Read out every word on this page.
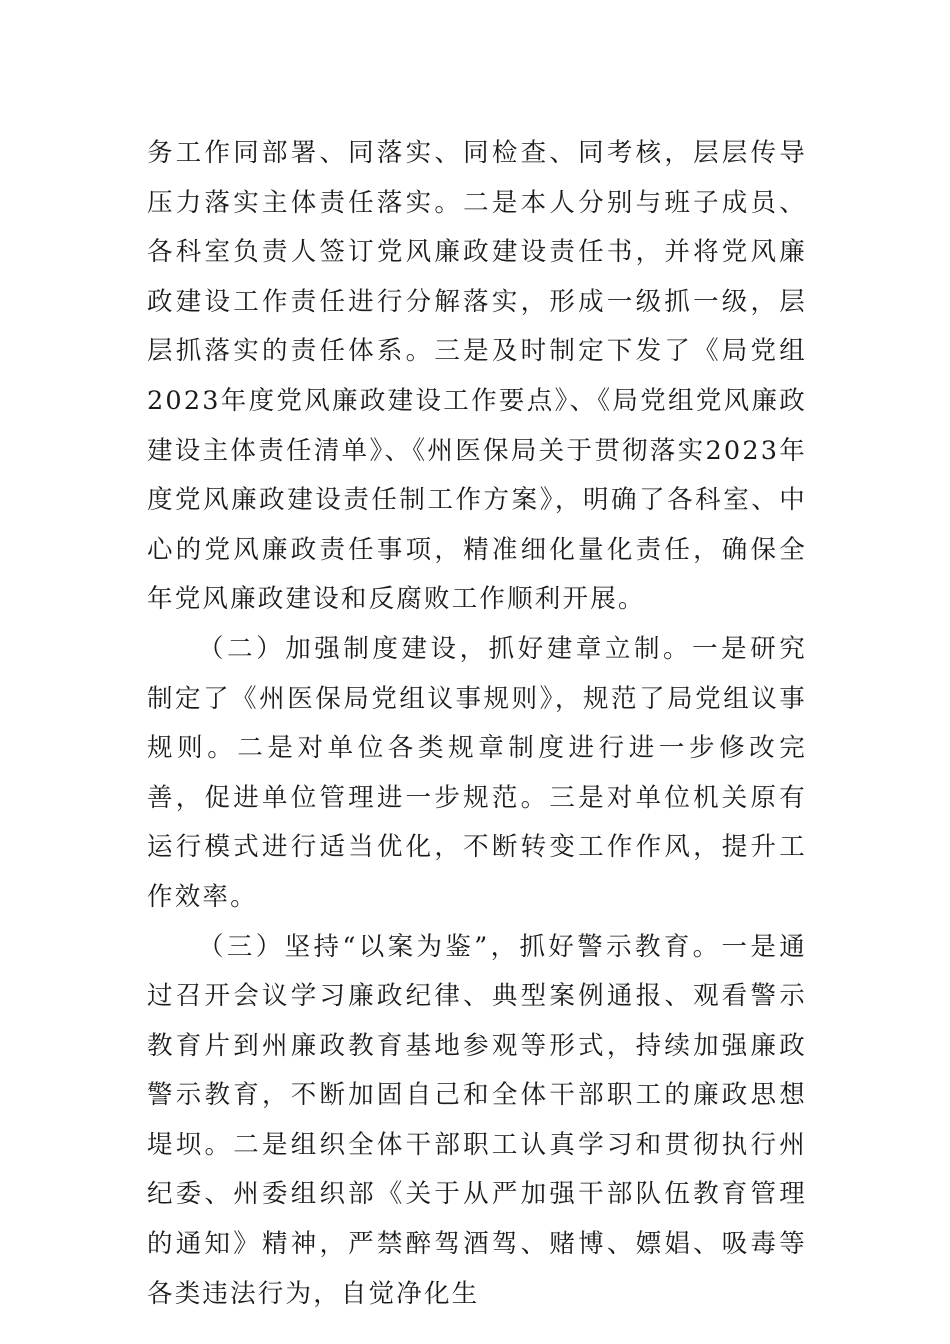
务工作同部署、同落实、同检查、同考核，层层传导压力落实主体责任落实。二是本人分别与班子成员、各科室负责人签订党风廉政建设责任书，并将党风廉政建设工作责任进行分解落实，形成一级抓一级，层层抓落实的责任体系。三是及时制定下发了《局党组2023年度党风廉政建设工作要点》、《局党组党风廉政建设主体责任清单》、《州医保局关于贯彻落实2023年度党风廉政建设责任制工作方案》，明确了各科室、中心的党风廉政责任事项，精准细化量化责任，确保全年党风廉政建设和反腐败工作顺利开展。

（二）加强制度建设，抓好建章立制。一是研究制定了《州医保局党组议事规则》，规范了局党组议事规则。二是对单位各类规章制度进行进一步修改完善，促进单位管理进一步规范。三是对单位机关原有运行模式进行适当优化，不断转变工作作风，提升工作效率。

（三）坚持“以案为鉴”，抓好警示教育。一是通过召开会议学习廉政纪律、典型案例通报、观看警示教育片到州廉政教育基地参观等形式，持续加强廉政警示教育，不断加固自己和全体干部职工的廉政思想堤坝。二是组织全体干部职工认真学习和贯彻执行州纪委、州委组织部《关于从严加强干部队伍教育管理的通知》精神，严禁醉驾酒驾、赌博、嫖娼、吸毒等各类违法行为，自觉净化生
